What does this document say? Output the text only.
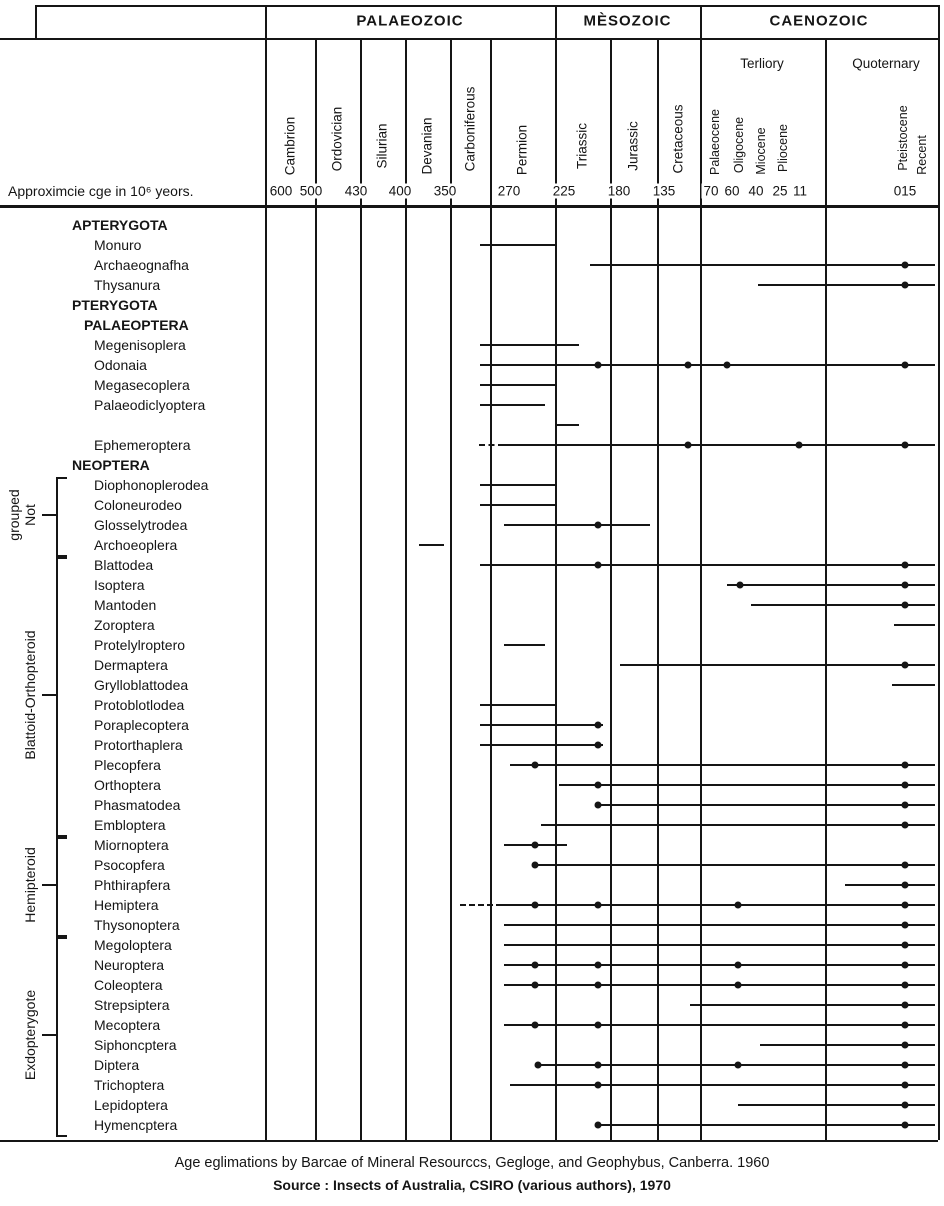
Approximcie cge in 10⁶ yeors.
Age eglimations by Barcae of Mineral Resourccs, Gegloge, and Geophybus, Canberra. 1960
Source : Insects of Australia, CSIRO (various authors), 1970
PALAEOZOIC	MÈSOZOIC	CAENOZOIC
Cambrion Ordovician Silurian Devanian Carboniferous	Permion	Triassic	Jurassic Cretaceous Palaeocene Oligocene Miocene Pliocene	Pteistocene Recent
Terliory	Quoternary
600 500 430 400 350	270 225 180 135 70 60 40 25 11	015
APTERYGOTA
Monuro
Archaeognafha
Thysanura
PTERYGOTA
PALAEOPTERA
Megenisoplera
Odonaia
Megasecoplera
Palaeodiclyoptera
Ephemeroptera
NEOPTERA
Diophonoplerodea
Coloneurodeo
Glosselytrodea
Archoeoplera
Blattodea
Isoptera
Mantoden
Zoroptera
Protelylroptero
Dermaptera
Grylloblattodea
Protoblotlodea
Poraplecoptera
Protorthaplera
Plecopfera
Orthoptera
Phasmatodea
Embloptera
Miornoptera
Psocopfera
Phthirapfera
Hemiptera
Thysonoptera
Megoloptera
Neuroptera
Coleoptera
Strepsiptera
Mecoptera
Siphoncptera
Diptera
Trichoptera
Lepidoptera
Hymencptera
grouped Not
Blattoid-Orthopteroid
Hemipteroid
Exdopterygote
